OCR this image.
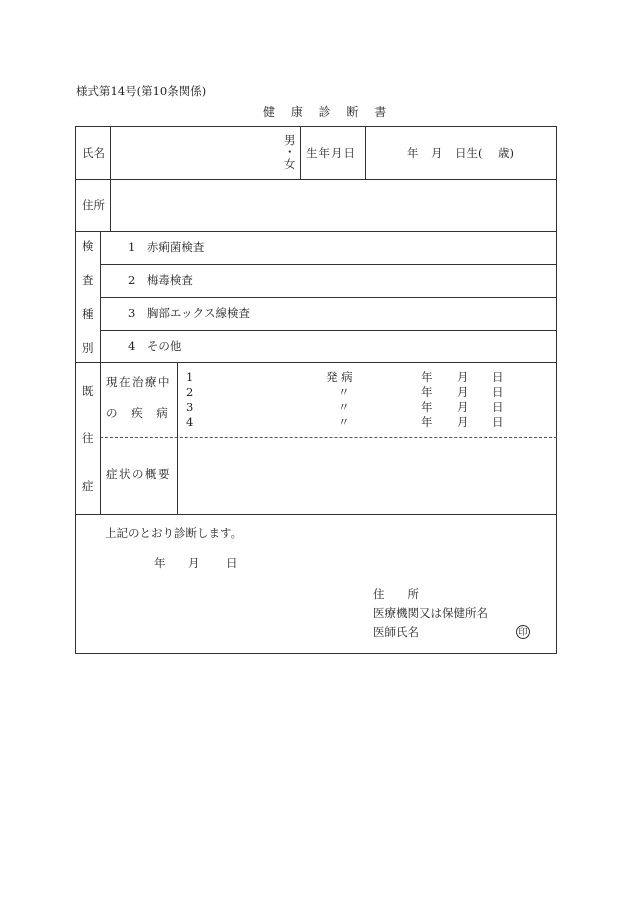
様式第14号(第10条関係)
健 康 診 断 書
氏名
男
・
女
生年月日	年 月 日生( 歳)
住所
検
査
種
別
1　赤痢菌検査
2　梅毒検査
3　胸部エックス線検査
4　その他
既
往
症
現在治療中
の 疾 病
1
2
3
4
発 病
〃
〃
〃
年 月 日
年 月 日
年 月 日
年 月 日
症状の概要
上記のとおり診断します。
年 月 日
住　　所
医療機関又は保健所名
医師氏名	印
